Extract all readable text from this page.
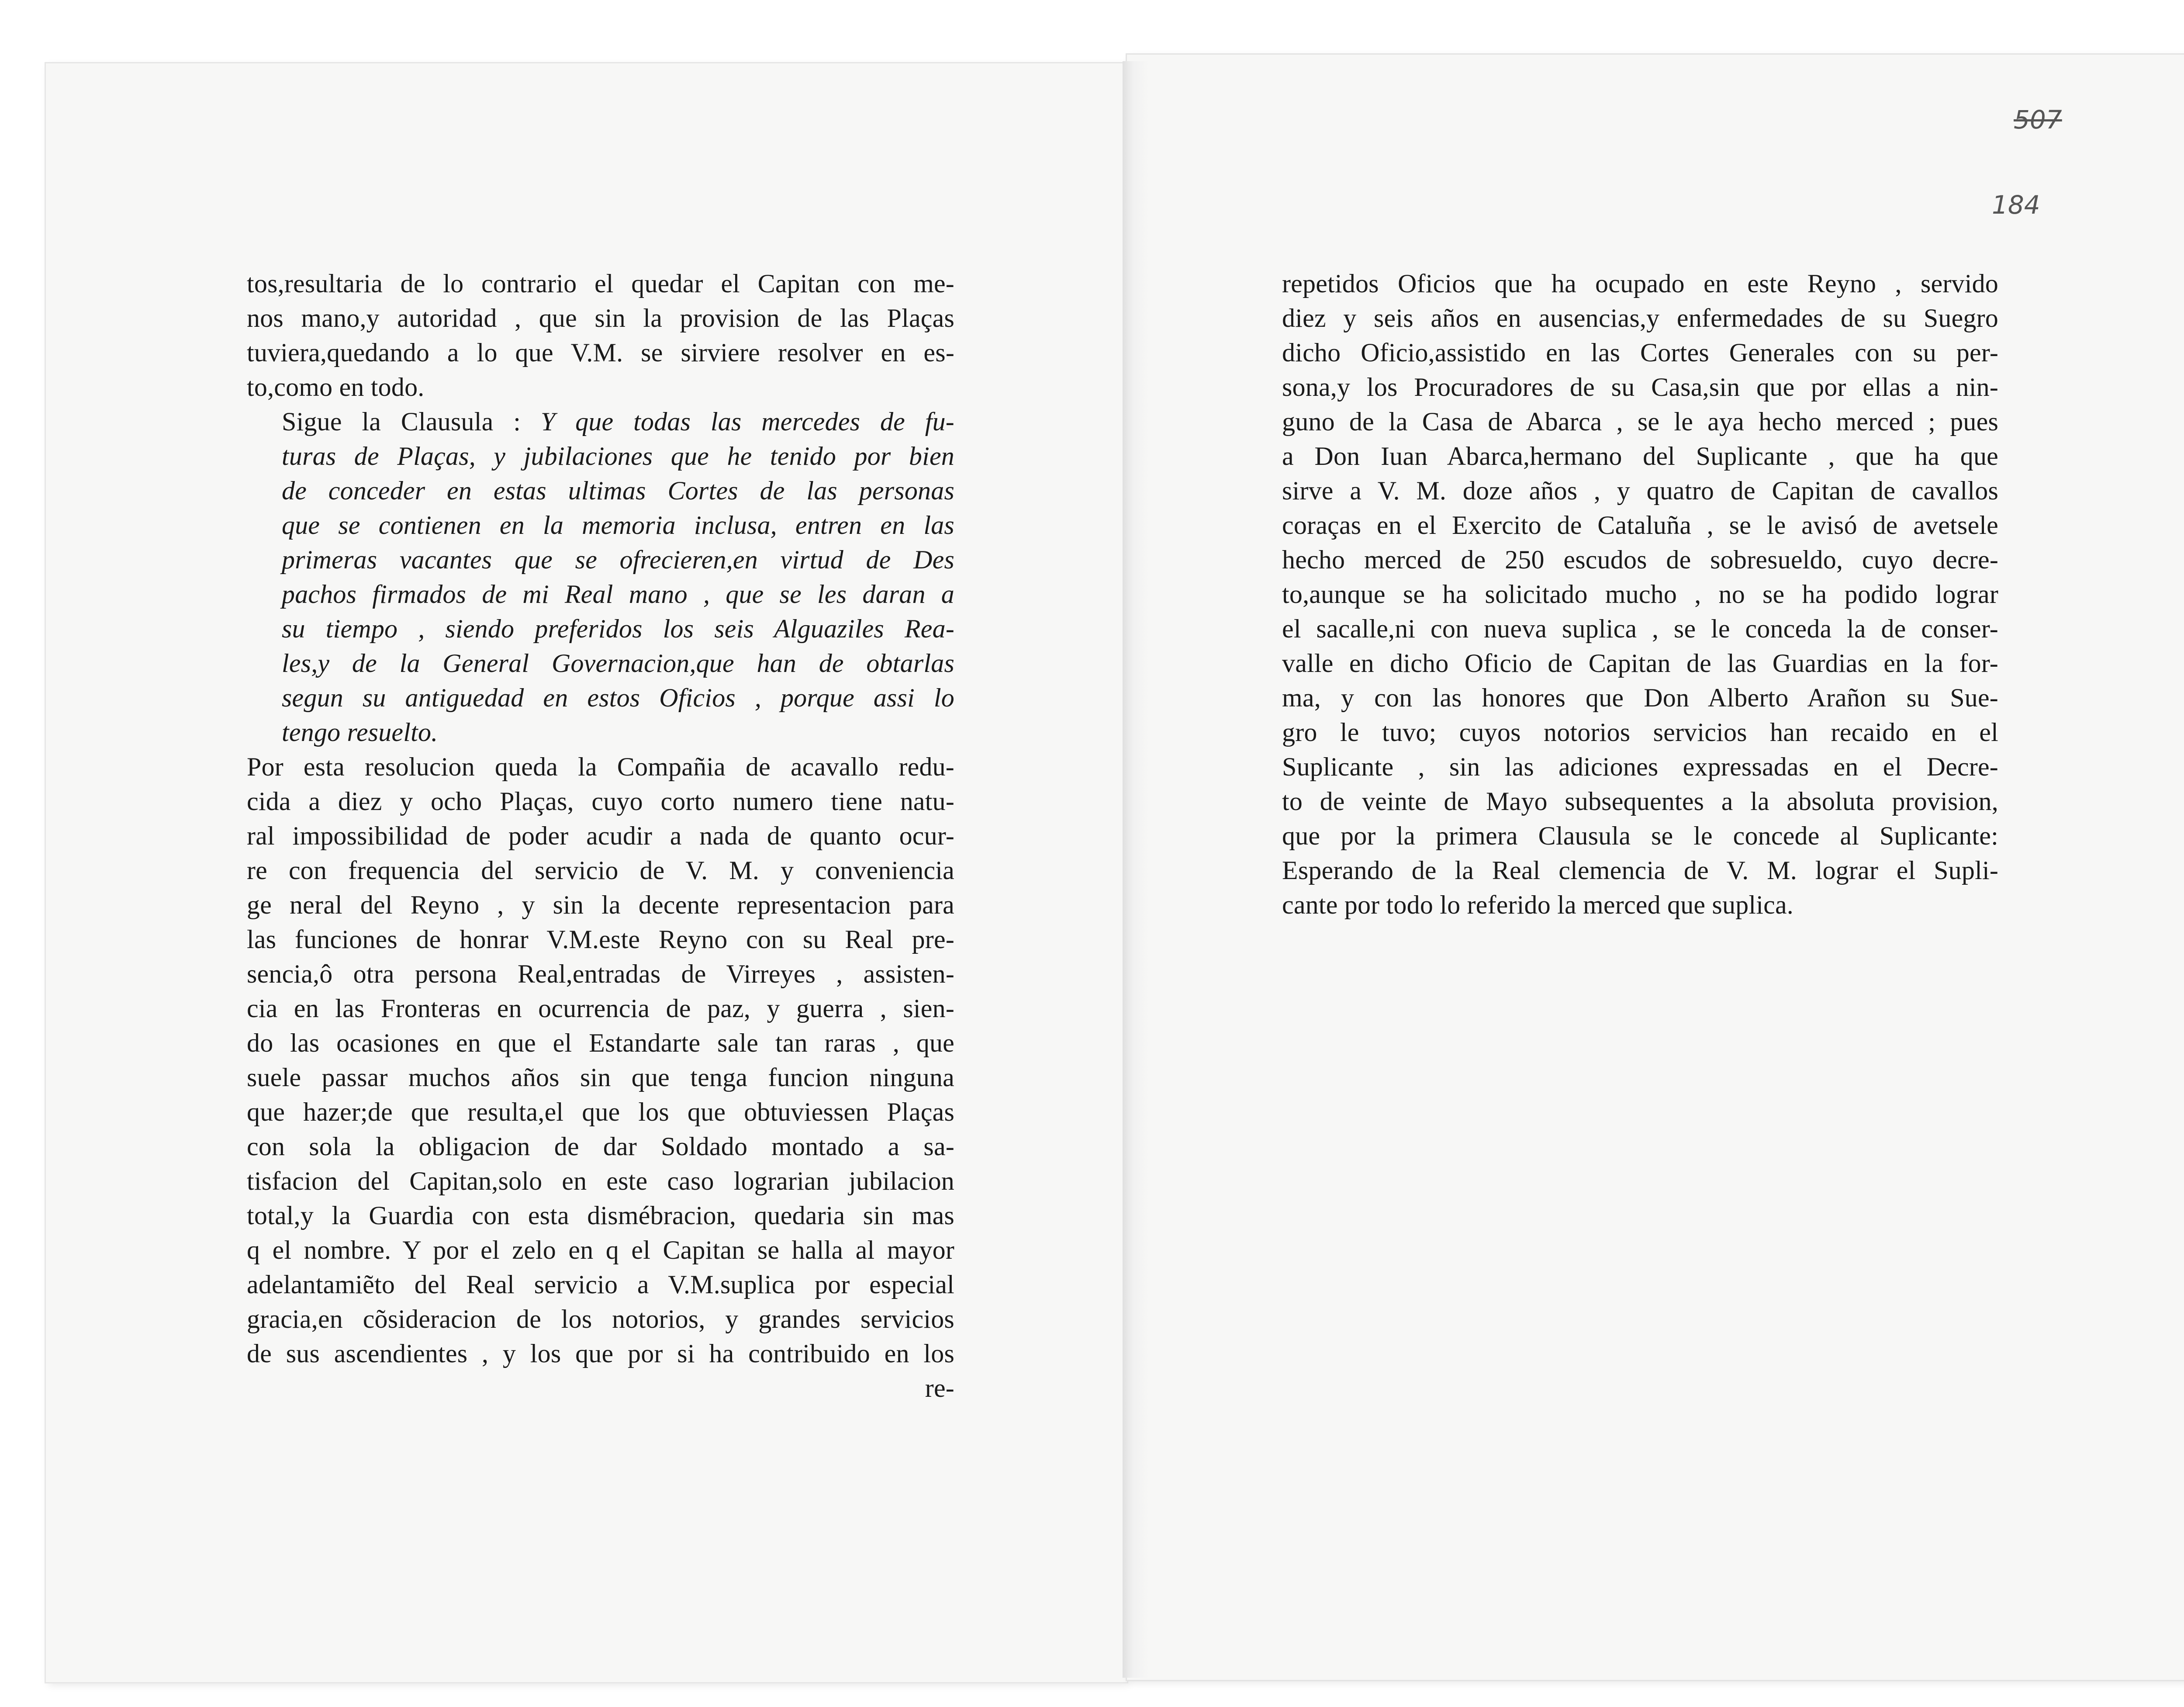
507
184
tos,resultaria de lo contrario el quedar el Capitan con me-
nos mano,y autoridad , que sin la provision de las Plaças
tuviera,quedando a lo que V.M. se sirviere resolver en es-
to,como en todo.
Sigue la Clausula : Y que todas las mercedes de fu-
turas de Plaças, y jubilaciones que he tenido por bien
de conceder en estas ultimas Cortes de las personas
que se contienen en la memoria inclusa, entren en las
primeras vacantes que se ofrecieren,en virtud de Des
pachos firmados de mi Real mano , que se les daran a
su tiempo , siendo preferidos los seis Alguaziles Rea-
les,y de la General Governacion,que han de obtarlas
segun su antiguedad en estos Oficios , porque assi lo
tengo resuelto.
Por esta resolucion queda la Compañia de acavallo redu-
cida a diez y ocho Plaças, cuyo corto numero tiene natu-
ral impossibilidad de poder acudir a nada de quanto ocur-
re con frequencia del servicio de V. M. y conveniencia
ge neral del Reyno , y sin la decente representacion para
las funciones de honrar V.M.este Reyno con su Real pre-
sencia,ô otra persona Real,entradas de Virreyes , assisten-
cia en las Fronteras en ocurrencia de paz, y guerra , sien-
do las ocasiones en que el Estandarte sale tan raras , que
suele passar muchos años sin que tenga funcion ninguna
que hazer;de que resulta,el que los que obtuviessen Plaças
con sola la obligacion de dar Soldado montado a sa-
tisfacion del Capitan,solo en este caso lograrian jubilacion
total,y la Guardia con esta dismébracion, quedaria sin mas
q el nombre. Y por el zelo en q el Capitan se halla al mayor
adelantamiẽto del Real servicio a V.M.suplica por especial
gracia,en cõsideracion de los notorios, y grandes servicios
de sus ascendientes , y los que por si ha contribuido en los
re-
repetidos Oficios que ha ocupado en este Reyno , servido
diez y seis años en ausencias,y enfermedades de su Suegro
dicho Oficio,assistido en las Cortes Generales con su per-
sona,y los Procuradores de su Casa,sin que por ellas a nin-
guno de la Casa de Abarca , se le aya hecho merced ; pues
a Don Iuan Abarca,hermano del Suplicante , que ha que
sirve a V. M. doze años , y quatro de Capitan de cavallos
coraças en el Exercito de Cataluña , se le avisó de avetsele
hecho merced de 250 escudos de sobresueldo, cuyo decre-
to,aunque se ha solicitado mucho , no se ha podido lograr
el sacalle,ni con nueva suplica , se le conceda la de conser-
valle en dicho Oficio de Capitan de las Guardias en la for-
ma, y con las honores que Don Alberto Arañon su Sue-
gro le tuvo; cuyos notorios servicios han recaido en el
Suplicante , sin las adiciones expressadas en el Decre-
to de veinte de Mayo subsequentes a la absoluta provision,
que por la primera Clausula se le concede al Suplicante:
Esperando de la Real clemencia de V. M. lograr el Supli-
cante por todo lo referido la merced que suplica.
